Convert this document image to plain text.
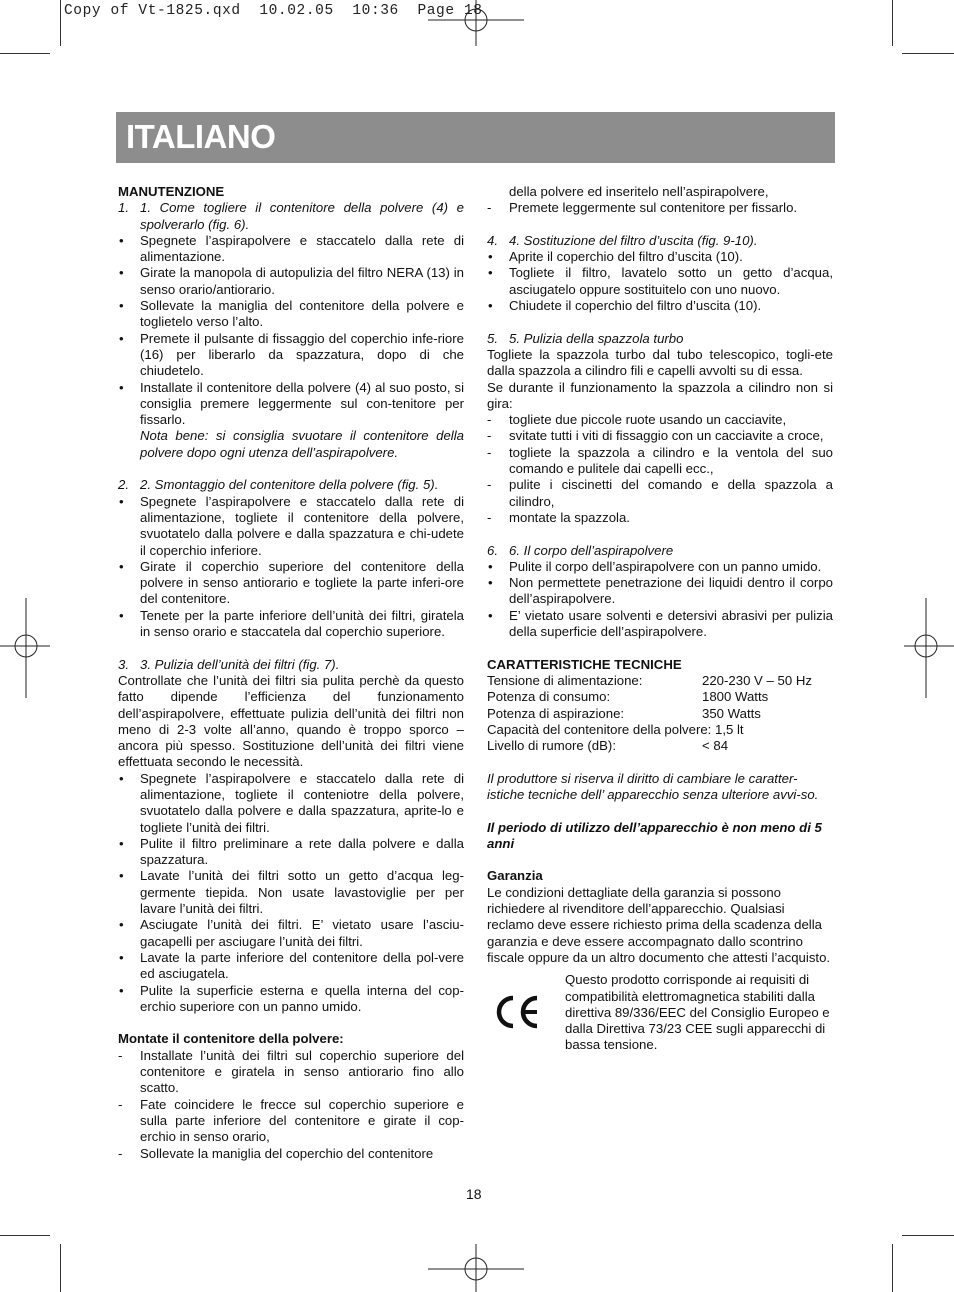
Copy of Vt-1825.qxd  10.02.05  10:36  Page 18
ITALIANO
MANUTENZIONE
1. 1. Come togliere il contenitore della polvere (4) e spolverarlo (fig. 6).
• Spegnete l’aspirapolvere e staccatelo dalla rete di alimentazione.
• Girate la manopola di autopulizia del filtro NERA (13) in senso orario/antiorario.
• Sollevate la maniglia del contenitore della polvere e toglietelo verso l’alto.
• Premete il pulsante di fissaggio del coperchio infe-riore (16) per liberarlo da spazzatura, dopo di che chiudetelo.
• Installate il contenitore della polvere (4) al suo posto, si consiglia premere leggermente sul con-tenitore per fissarlo.
Nota bene: si consiglia svuotare il contenitore della polvere dopo ogni utenza dell’aspirapolvere.
2. 2. Smontaggio del contenitore della polvere (fig. 5).
• Spegnete l’aspirapolvere e staccatelo dalla rete di alimentazione, togliete il contenitore della polvere, svuotatelo dalla polvere e dalla spazzatura e chi-udete il coperchio inferiore.
• Girate il coperchio superiore del contenitore della polvere in senso antiorario e togliete la parte inferi-ore del contenitore.
• Tenete per la parte inferiore dell’unità dei filtri, giratela in senso orario e staccatela dal coperchio superiore.
3. 3. Pulizia dell’unità dei filtri (fig. 7).
Controllate che l’unità dei filtri sia pulita perchè da questo fatto dipende l’efficienza del funzionamento dell’aspirapolvere, effettuate pulizia dell’unità dei filtri non meno di 2-3 volte all’anno, quando è troppo sporco – ancora più spesso. Sostituzione dell’unità dei filtri viene effettuata secondo le necessità.
• Spegnete l’aspirapolvere e staccatelo dalla rete di alimentazione, togliete il conteniotre della polvere, svuotatelo dalla polvere e dalla spazzatura, aprite-lo e togliete l’unità dei filtri.
• Pulite il filtro preliminare a rete dalla polvere e dalla spazzatura.
• Lavate l’unità dei filtri sotto un getto d’acqua leg-germente tiepida. Non usate lavastoviglie per per lavare l’unità dei filtri.
• Asciugate l’unità dei filtri. E’ vietato usare l’asciu-gacapelli per asciugare l’unità dei filtri.
• Lavate la parte inferiore del contenitore della pol-vere ed asciugatela.
• Pulite la superficie esterna e quella interna del cop-erchio superiore con un panno umido.
Montate il contenitore della polvere:
- Installate l’unità dei filtri sul coperchio superiore del contenitore e giratela in senso antiorario fino allo scatto.
- Fate coincidere le frecce sul coperchio superiore e sulla parte inferiore del contenitore e girate il cop-erchio in senso orario,
- Sollevate la maniglia del coperchio del contenitore
della polvere ed inseritelo nell’aspirapolvere,
- Premete leggermente sul contenitore per fissarlo.
4. 4. Sostituzione del filtro d’uscita (fig. 9-10).
• Aprite il coperchio del filtro d’uscita (10).
• Togliete il filtro, lavatelo sotto un getto d’acqua, asciugatelo oppure sostituitelo con uno nuovo.
• Chiudete il coperchio del filtro d’uscita (10).
5. 5. Pulizia della spazzola turbo
Togliete la spazzola turbo dal tubo telescopico, togli-ete dalla spazzola a cilindro fili e capelli avvolti su di essa.
Se durante il funzionamento la spazzola a cilindro non si gira:
- togliete due piccole ruote usando un cacciavite,
- svitate tutti i viti di fissaggio con un cacciavite a croce,
- togliete la spazzola a cilindro e la ventola del suo comando e pulitele dai capelli ecc.,
- pulite i ciscinetti del comando e della spazzola a cilindro,
- montate la spazzola.
6. 6. Il corpo dell’aspirapolvere
• Pulite il corpo dell’aspirapolvere con un panno umido.
• Non permettete penetrazione dei liquidi dentro il corpo dell’aspirapolvere.
• E’ vietato usare solventi e detersivi abrasivi per pulizia della superficie dell’aspirapolvere.
CARATTERISTICHE TECNICHE
Tensione di alimentazione:	220-230 V – 50 Hz
Potenza di consumo:	1800 Watts
Potenza di aspirazione:	350 Watts
Capacità del contenitore della polvere: 1,5 lt
Livello di rumore (dB):	< 84
Il produttore si riserva il diritto di cambiare le caratter-istiche tecniche dell’ apparecchio senza ulteriore avvi-so.
Il periodo di utilizzo dell’apparecchio è non meno di 5 anni
Garanzia
Le condizioni dettagliate della garanzia si possono richiedere al rivenditore dell’apparecchio. Qualsiasi reclamo deve essere richiesto prima della scadenza della garanzia e deve essere accompagnato dallo scontrino fiscale oppure da un altro documento che attesti l’acquisto.
Questo prodotto corrisponde ai requisiti di compatibilità elettromagnetica stabiliti dalla direttiva 89/336/EEC del Consiglio Europeo e dalla Direttiva 73/23 CEE sugli apparecchi di bassa tensione.
18
